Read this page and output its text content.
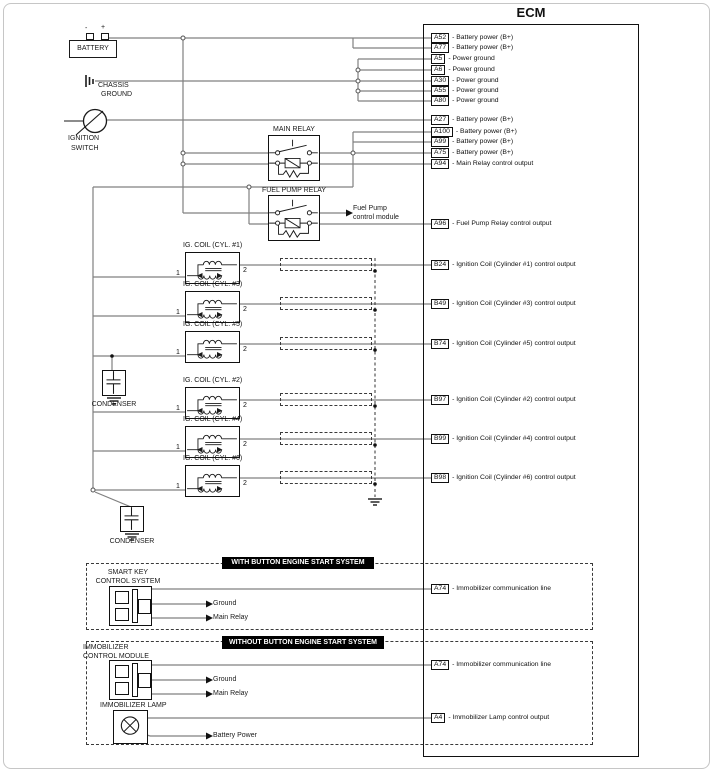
ECM
- +
BATTERY
CHASSIS
GROUND
IGNITION
SWITCH
MAIN RELAY
FUEL PUMP RELAY
Fuel Pump
control module
CONDENSER
CONDENSER
WITH BUTTON ENGINE START SYSTEM
SMART KEY
CONTROL SYSTEM
Ground
Main Relay
WITHOUT BUTTON ENGINE START SYSTEM
IMMOBILIZER
CONTROL MODULE
Ground
Main Relay
IMMOBILIZER LAMP
Battery Power
A52 - Battery power (B+)
A77 - Battery power (B+)
A5 - Power ground
A6 - Power ground
A30 - Power ground
A55 - Power ground
A80 - Power ground
A27 - Battery power (B+)
A100 - Battery power (B+)
A99 - Battery power (B+)
A75 - Battery power (B+)
A94 - Main Relay control output
A96 - Fuel Pump Relay control output
B24 - Ignition Coil (Cylinder #1) control output
B49 - Ignition Coil (Cylinder #3) control output
B74 - Ignition Coil (Cylinder #5) control output
B97 - Ignition Coil (Cylinder #2) control output
B99 - Ignition Coil (Cylinder #4) control output
B98 - Ignition Coil (Cylinder #6) control output
A74 - Immobilizer communication line
A74 - Immobilizer communication line
A4 - Immobilizer Lamp control output
IG. COIL (CYL. #1)
1	2
IG. COIL (CYL. #3)
1	2
IG. COIL (CYL. #5)
1	2
IG. COIL (CYL. #2)
1	2
IG. COIL (CYL. #4)
1	2
IG. COIL (CYL. #6)
1	2
